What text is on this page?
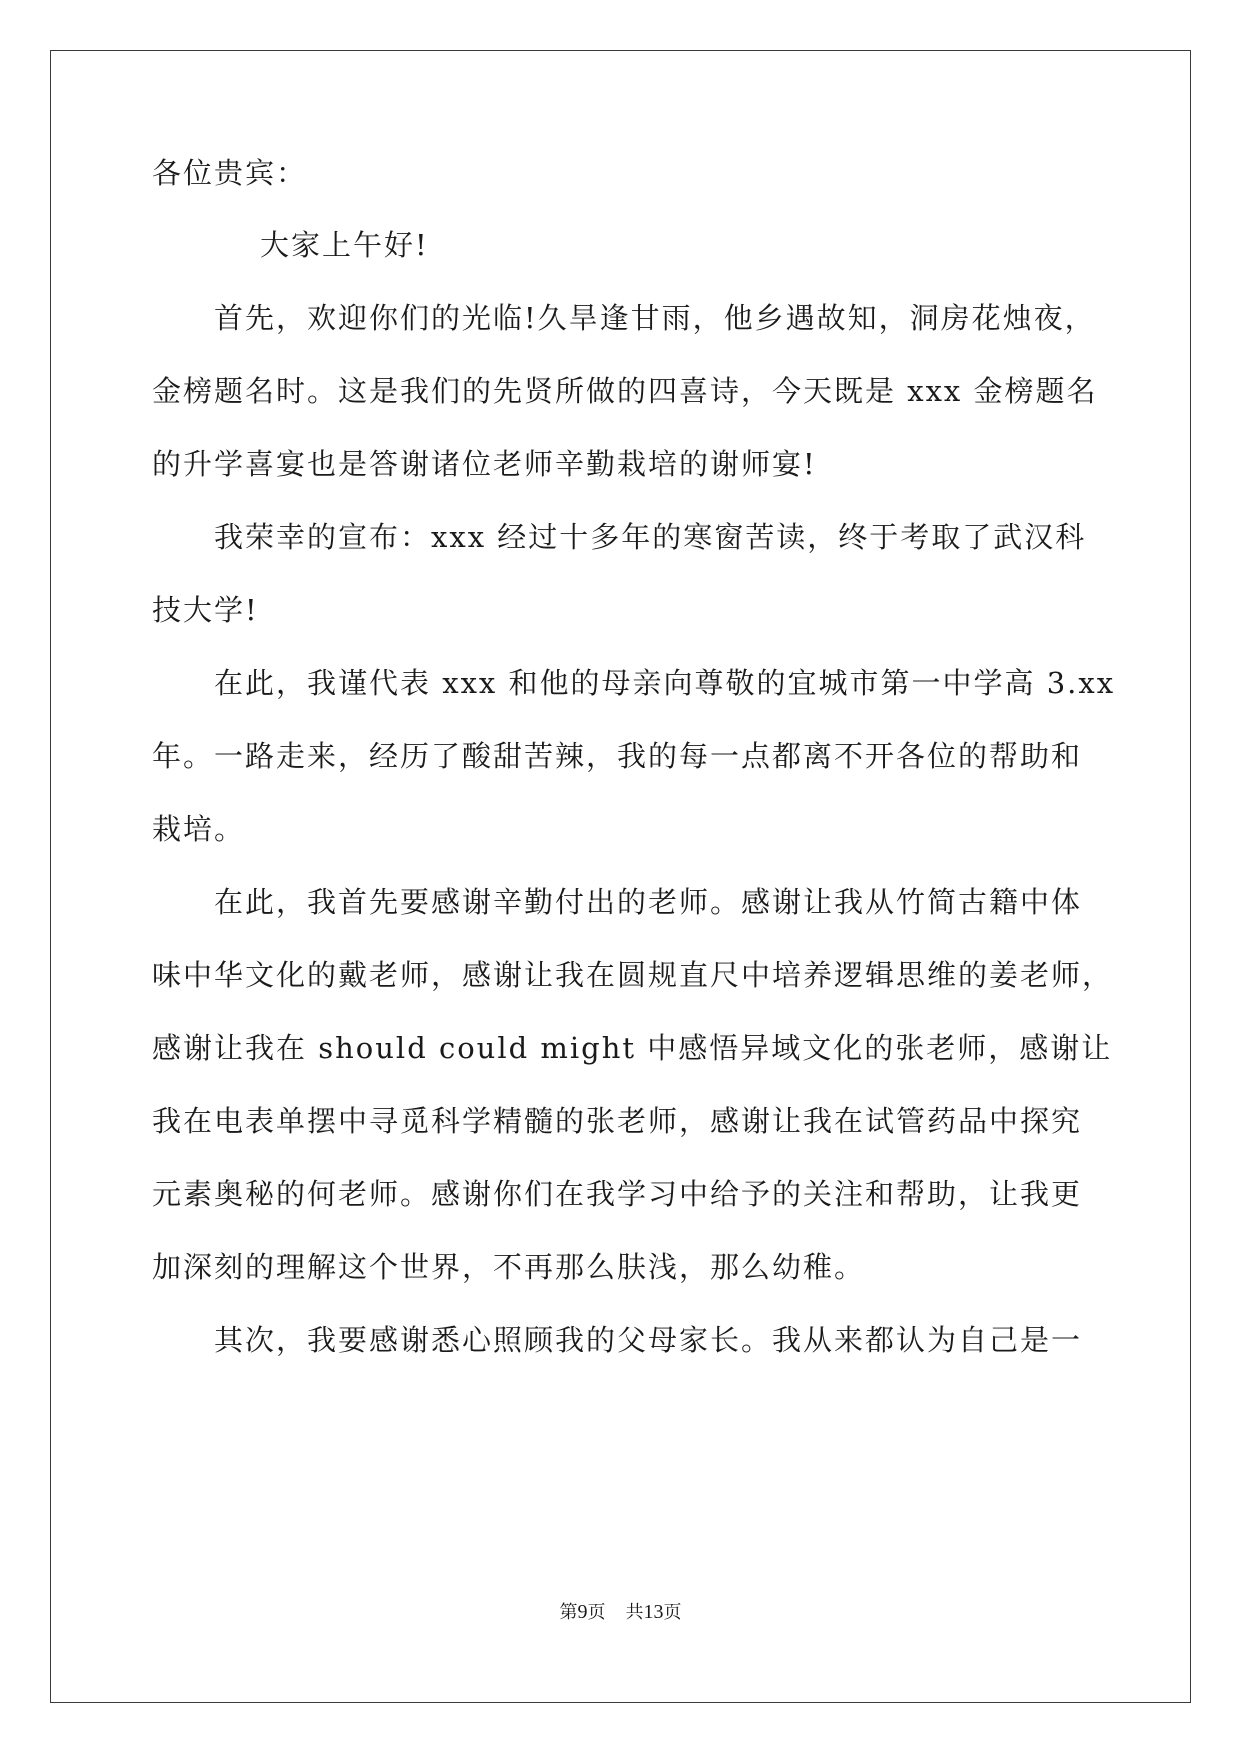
各位贵宾：
大家上午好!
首先，欢迎你们的光临!久旱逢甘雨，他乡遇故知，洞房花烛夜，
金榜题名时。这是我们的先贤所做的四喜诗，今天既是 xxx 金榜题名
的升学喜宴也是答谢诸位老师辛勤栽培的谢师宴!
我荣幸的宣布：xxx 经过十多年的寒窗苦读，终于考取了武汉科
技大学!
在此，我谨代表 xxx 和他的母亲向尊敬的宜城市第一中学高 3.xx
年。一路走来，经历了酸甜苦辣，我的每一点都离不开各位的帮助和
栽培。
在此，我首先要感谢辛勤付出的老师。感谢让我从竹简古籍中体
味中华文化的戴老师，感谢让我在圆规直尺中培养逻辑思维的姜老师，
感谢让我在 should could might 中感悟异域文化的张老师，感谢让
我在电表单摆中寻觅科学精髓的张老师，感谢让我在试管药品中探究
元素奥秘的何老师。感谢你们在我学习中给予的关注和帮助，让我更
加深刻的理解这个世界，不再那么肤浅，那么幼稚。
其次，我要感谢悉心照顾我的父母家长。我从来都认为自己是一
第9页 共13页
